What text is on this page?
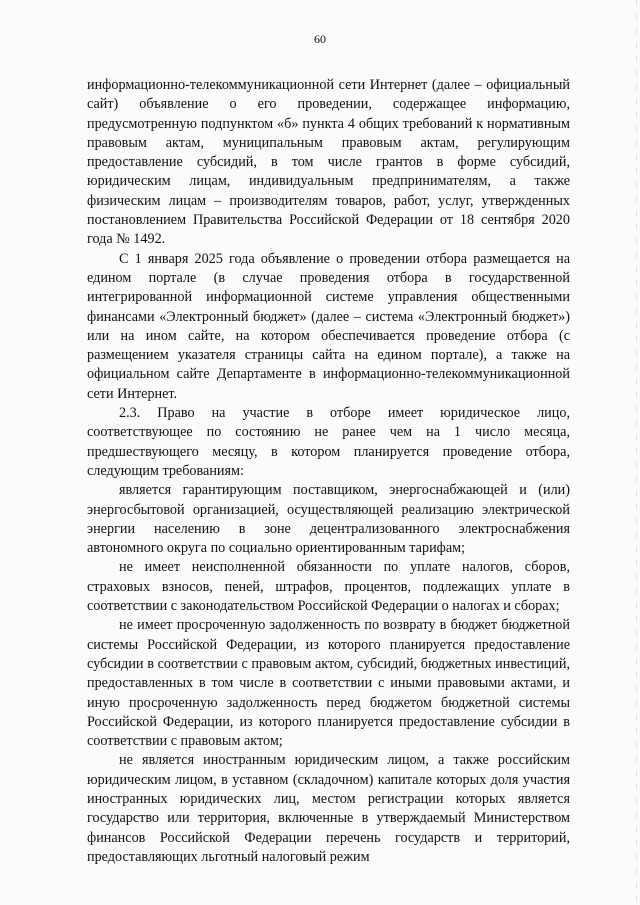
60

информационно-телекоммуникационной сети Интернет (далее – официальный сайт) объявление о его проведении, содержащее информацию, предусмотренную подпунктом «б» пункта 4 общих требований к нормативным правовым актам, муниципальным правовым актам, регулирующим предоставление субсидий, в том числе грантов в форме субсидий, юридическим лицам, индивидуальным предпринимателям, а также физическим лицам – производителям товаров, работ, услуг, утвержденных постановлением Правительства Российской Федерации от 18 сентября 2020 года № 1492.

С 1 января 2025 года объявление о проведении отбора размещается на едином портале (в случае проведения отбора в государственной интегрированной информационной системе управления общественными финансами «Электронный бюджет» (далее – система «Электронный бюджет») или на ином сайте, на котором обеспечивается проведение отбора (с размещением указателя страницы сайта на едином портале), а также на официальном сайте Департаменте в информационно-телекоммуникационной сети Интернет.

2.3. Право на участие в отборе имеет юридическое лицо, соответствующее по состоянию не ранее чем на 1 число месяца, предшествующего месяцу, в котором планируется проведение отбора, следующим требованиям:

является гарантирующим поставщиком, энергоснабжающей и (или) энергосбытовой организацией, осуществляющей реализацию электрической энергии населению в зоне децентрализованного электроснабжения автономного округа по социально ориентированным тарифам;

не имеет неисполненной обязанности по уплате налогов, сборов, страховых взносов, пеней, штрафов, процентов, подлежащих уплате в соответствии с законодательством Российской Федерации о налогах и сборах;

не имеет просроченную задолженность по возврату в бюджет бюджетной системы Российской Федерации, из которого планируется предоставление субсидии в соответствии с правовым актом, субсидий, бюджетных инвестиций, предоставленных в том числе в соответствии с иными правовыми актами, и иную просроченную задолженность перед бюджетом бюджетной системы Российской Федерации, из которого планируется предоставление субсидии в соответствии с правовым актом;

не является иностранным юридическим лицом, а также российским юридическим лицом, в уставном (складочном) капитале которых доля участия иностранных юридических лиц, местом регистрации которых является государство или территория, включенные в утверждаемый Министерством финансов Российской Федерации перечень государств и территорий, предоставляющих льготный налоговый режим
